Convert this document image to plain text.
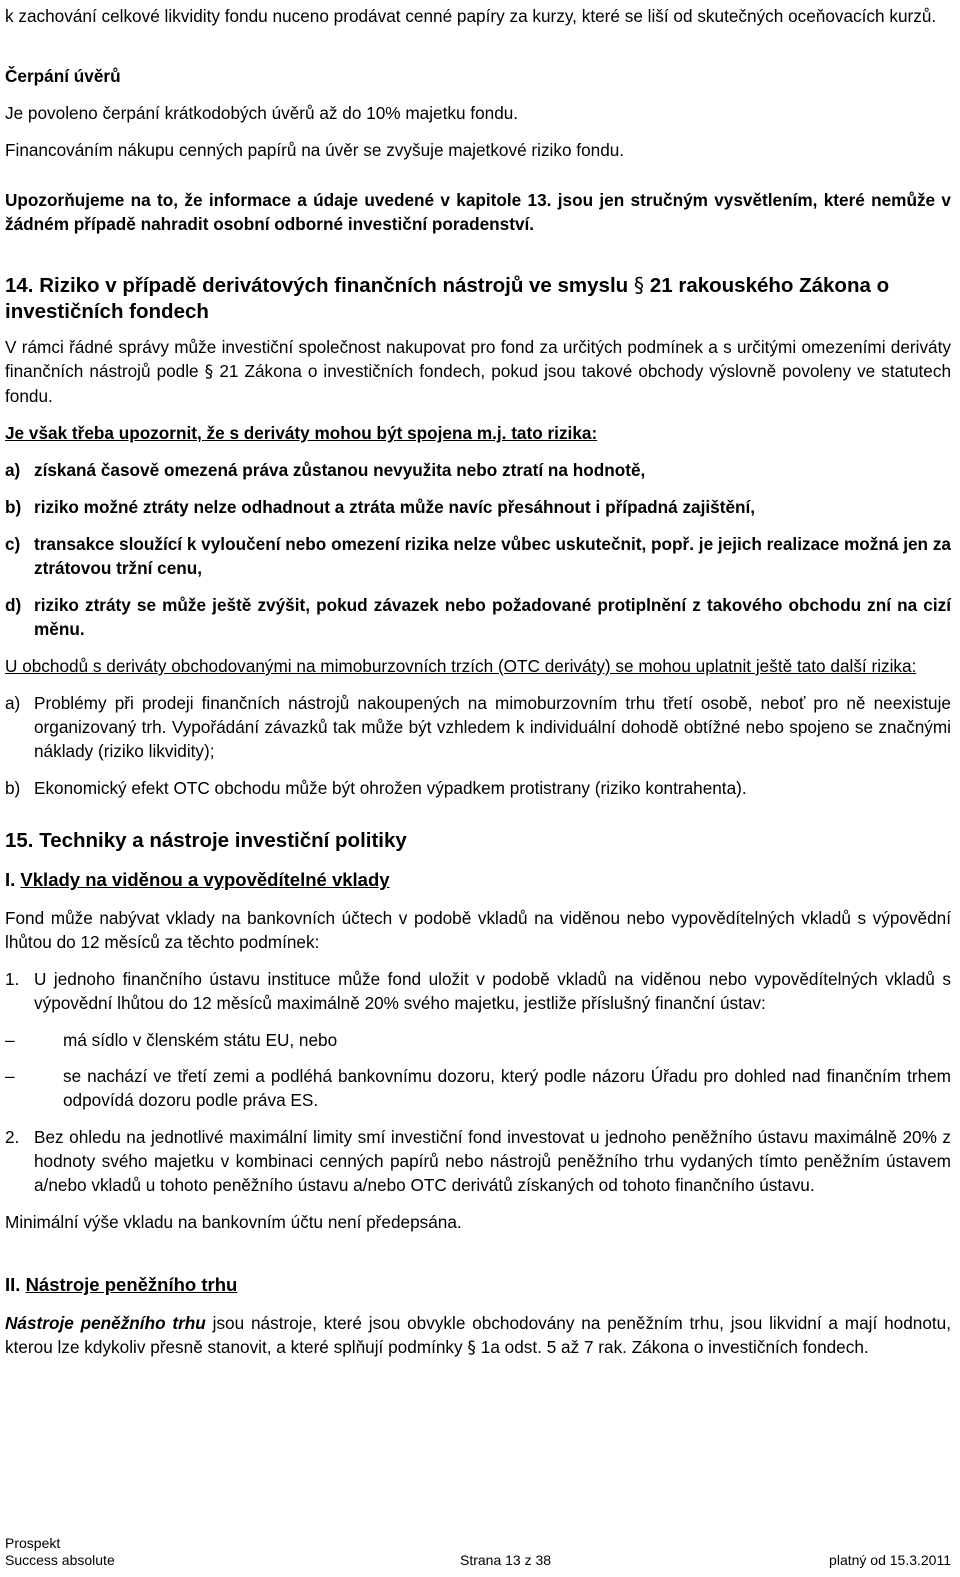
k zachování celkové likvidity fondu nuceno prodávat cenné papíry za kurzy, které se liší od skutečných oceňovacích kurzů.

Čerpání úvěrů

Je povoleno čerpání krátkodobých úvěrů až do 10% majetku fondu.

Financováním nákupu cenných papírů na úvěr se zvyšuje majetkové riziko fondu.

Upozorňujeme na to, že informace a údaje uvedené v kapitole 13. jsou jen stručným vysvětlením, které nemůže v žádném případě nahradit osobní odborné investiční poradenství.

14. Riziko v případě derivátových finančních nástrojů ve smyslu § 21 rakouského Zákona o investičních fondech

V rámci řádné správy může investiční společnost nakupovat pro fond za určitých podmínek a s určitými omezeními deriváty finančních nástrojů podle § 21 Zákona o investičních fondech, pokud jsou takové obchody výslovně povoleny ve statutech fondu.

Je však třeba upozornit, že s deriváty mohou být spojena m.j. tato rizika:

a) získaná časově omezená práva zůstanou nevyužita nebo ztratí na hodnotě,
b) riziko možné ztráty nelze odhadnout a ztráta může navíc přesáhnout i případná zajištění,
c) transakce sloužící k vyloučení nebo omezení rizika nelze vůbec uskutečnit, popř. je jejich realizace možná jen za ztrátovou tržní cenu,
d) riziko ztráty se může ještě zvýšit, pokud závazek nebo požadované protiplnění z takového obchodu zní na cizí měnu.

U obchodů s deriváty obchodovanými na mimoburzovních trzích (OTC deriváty) se mohou uplatnit ještě tato další rizika:

a) Problémy při prodeji finančních nástrojů nakoupených na mimoburzovním trhu třetí osobě, neboť pro ně neexistuje organizovaný trh. Vypořádání závazků tak může být vzhledem k individuální dohodě obtížné nebo spojeno se značnými náklady (riziko likvidity);
b) Ekonomický efekt OTC obchodu může být ohrožen výpadkem protistrany (riziko kontrahenta).

15. Techniky a nástroje investiční politiky

I. Vklady na viděnou a vypovědítelné vklady

Fond může nabývat vklady na bankovních účtech v podobě vkladů na viděnou nebo vypovědítelných vkladů s výpovědní lhůtou do 12 měsíců za těchto podmínek:

1. U jednoho finančního ústavu instituce může fond uložit v podobě vkladů na viděnou nebo vypovědítelných vkladů s výpovědní lhůtou do 12 měsíců maximálně 20% svého majetku, jestliže příslušný finanční ústav:
–	má sídlo v členském státu EU, nebo
–	se nachází ve třetí zemi a podléhá bankovnímu dozoru, který podle názoru Úřadu pro dohled nad finančním trhem odpovídá dozoru podle práva ES.
2. Bez ohledu na jednotlivé maximální limity smí investiční fond investovat u jednoho peněžního ústavu maximálně 20% z hodnoty svého majetku v kombinaci cenných papírů nebo nástrojů peněžního trhu vydaných tímto peněžním ústavem a/nebo vkladů u tohoto peněžního ústavu a/nebo OTC derivátů získaných od tohoto finančního ústavu.

Minimální výše vkladu na bankovním účtu není předepsána.

II. Nástroje peněžního trhu

Nástroje peněžního trhu jsou nástroje, které jsou obvykle obchodovány na peněžním trhu, jsou likvidní a mají hodnotu, kterou lze kdykoliv přesně stanovit, a které splňují podmínky § 1a odst. 5 až 7 rak. Zákona o investičních fondech.

Prospekt
Success absolute	Strana 13 z 38	platný od 15.3.2011
